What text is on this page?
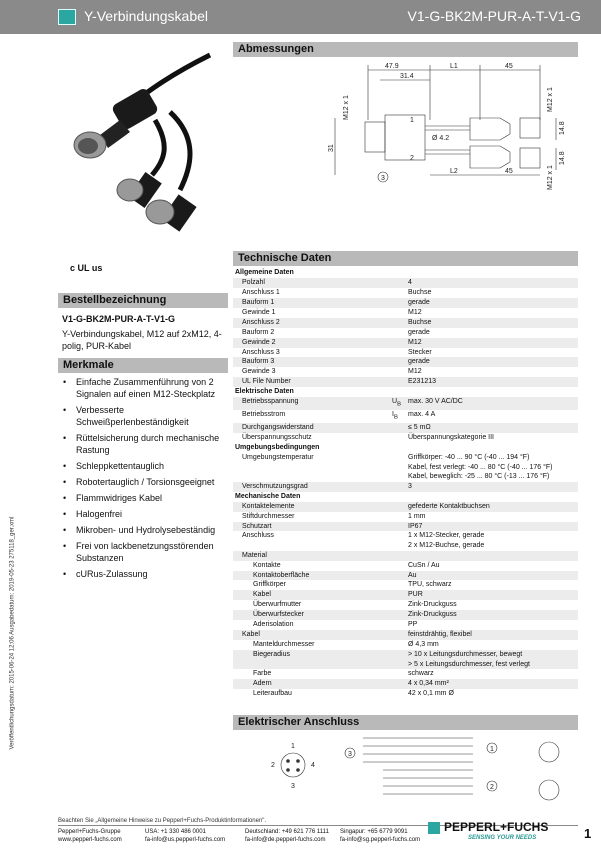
Y-Verbindungskabel	V1-G-BK2M-PUR-A-T-V1-G
Veröffentlichungsdatum: 2015-06-24 12:06 Ausgabedatum: 2019-05-23 275118_ger.xml
c UL us
Abmessungen
47.9
31.4
L1	45
M12 x 1
31
Ø 4.2
L2	45
14.8
14.8
M12 x 1
M12 x 1
1
2
3
Bestellbezeichnung
V1-G-BK2M-PUR-A-T-V1-G
Y-Verbindungskabel, M12 auf 2xM12, 4-polig, PUR-Kabel
Merkmale
• Einfache Zusammenführung von 2 Signalen auf einen M12-Steckplatz
• Verbesserte Schweißperlenbeständigkeit
• Rüttelsicherung durch mechanische Rastung
• Schleppkettentauglich
• Robotertauglich / Torsionsgeeignet
• Flammwidriges Kabel
• Halogenfrei
• Mikroben- und Hydrolysebeständig
• Frei von lackbenetzungsstörenden Substanzen
• cURus-Zulassung
Technische Daten
Allgemeine Daten		
Polzahl		4

Anschluss 1		Buchse

Bauform 1		gerade

Gewinde 1		M12

Anschluss 2		Buchse

Bauform 2		gerade

Gewinde 2		M12

Anschluss 3		Stecker

Bauform 3		gerade

Gewinde 3		M12

UL File Number		E231213

Elektrische Daten		
Betriebsspannung	$U_B$	max. 30 V AC/DC

Betriebsstrom	$I_B$	max. 4 A

Durchgangswiderstand		≤ 5 mΩ

Überspannungsschutz		Überspannungskategorie III

Umgebungsbedingungen		
Umgebungstemperatur		Griffkörper: -40 ... 90 °C (-40 ... 194 °F)
Kabel, fest verlegt: -40 ... 80 °C (-40 ... 176 °F)
Kabel, beweglich: -25 ... 80 °C (-13 ... 176 °F)

Verschmutzungsgrad		3

Mechanische Daten		
Kontaktelemente		gefederte Kontaktbuchsen

Stiftdurchmesser		1 mm

Schutzart		IP67

Anschluss		1 x M12-Stecker, gerade
2 x M12-Buchse, gerade

Material		

Kontakte		CuSn / Au

Kontaktoberfläche		Au

Griffkörper		TPU, schwarz

Kabel		PUR

Überwurfmutter		Zink-Druckguss

Überwurfstecker		Zink-Druckguss

Aderisolation		PP

Kabel		feinstdrähtig, flexibel

Manteldurchmesser		Ø 4,3 mm

Biegeradius		> 10 x Leitungsdurchmesser, bewegt
> 5 x Leitungsdurchmesser, fest verlegt

Farbe		schwarz

Adern		4 x 0,34 mm²

Leiteraufbau		42 x 0,1 mm Ø
Elektrischer Anschluss
1
2
3
4
3
1
2
Beachten Sie „Allgemeine Hinweise zu Pepperl+Fuchs-Produktinformationen".
Pepperl+Fuchs-Gruppe
www.pepperl-fuchs.com
USA: +1 330 486 0001
fa-info@us.pepperl-fuchs.com
Deutschland: +49 621 776 1111
fa-info@de.pepperl-fuchs.com
Singapur: +65 6779 9091
fa-info@sg.pepperl-fuchs.com
PEPPERL+FUCHS
SENSING YOUR NEEDS	1
